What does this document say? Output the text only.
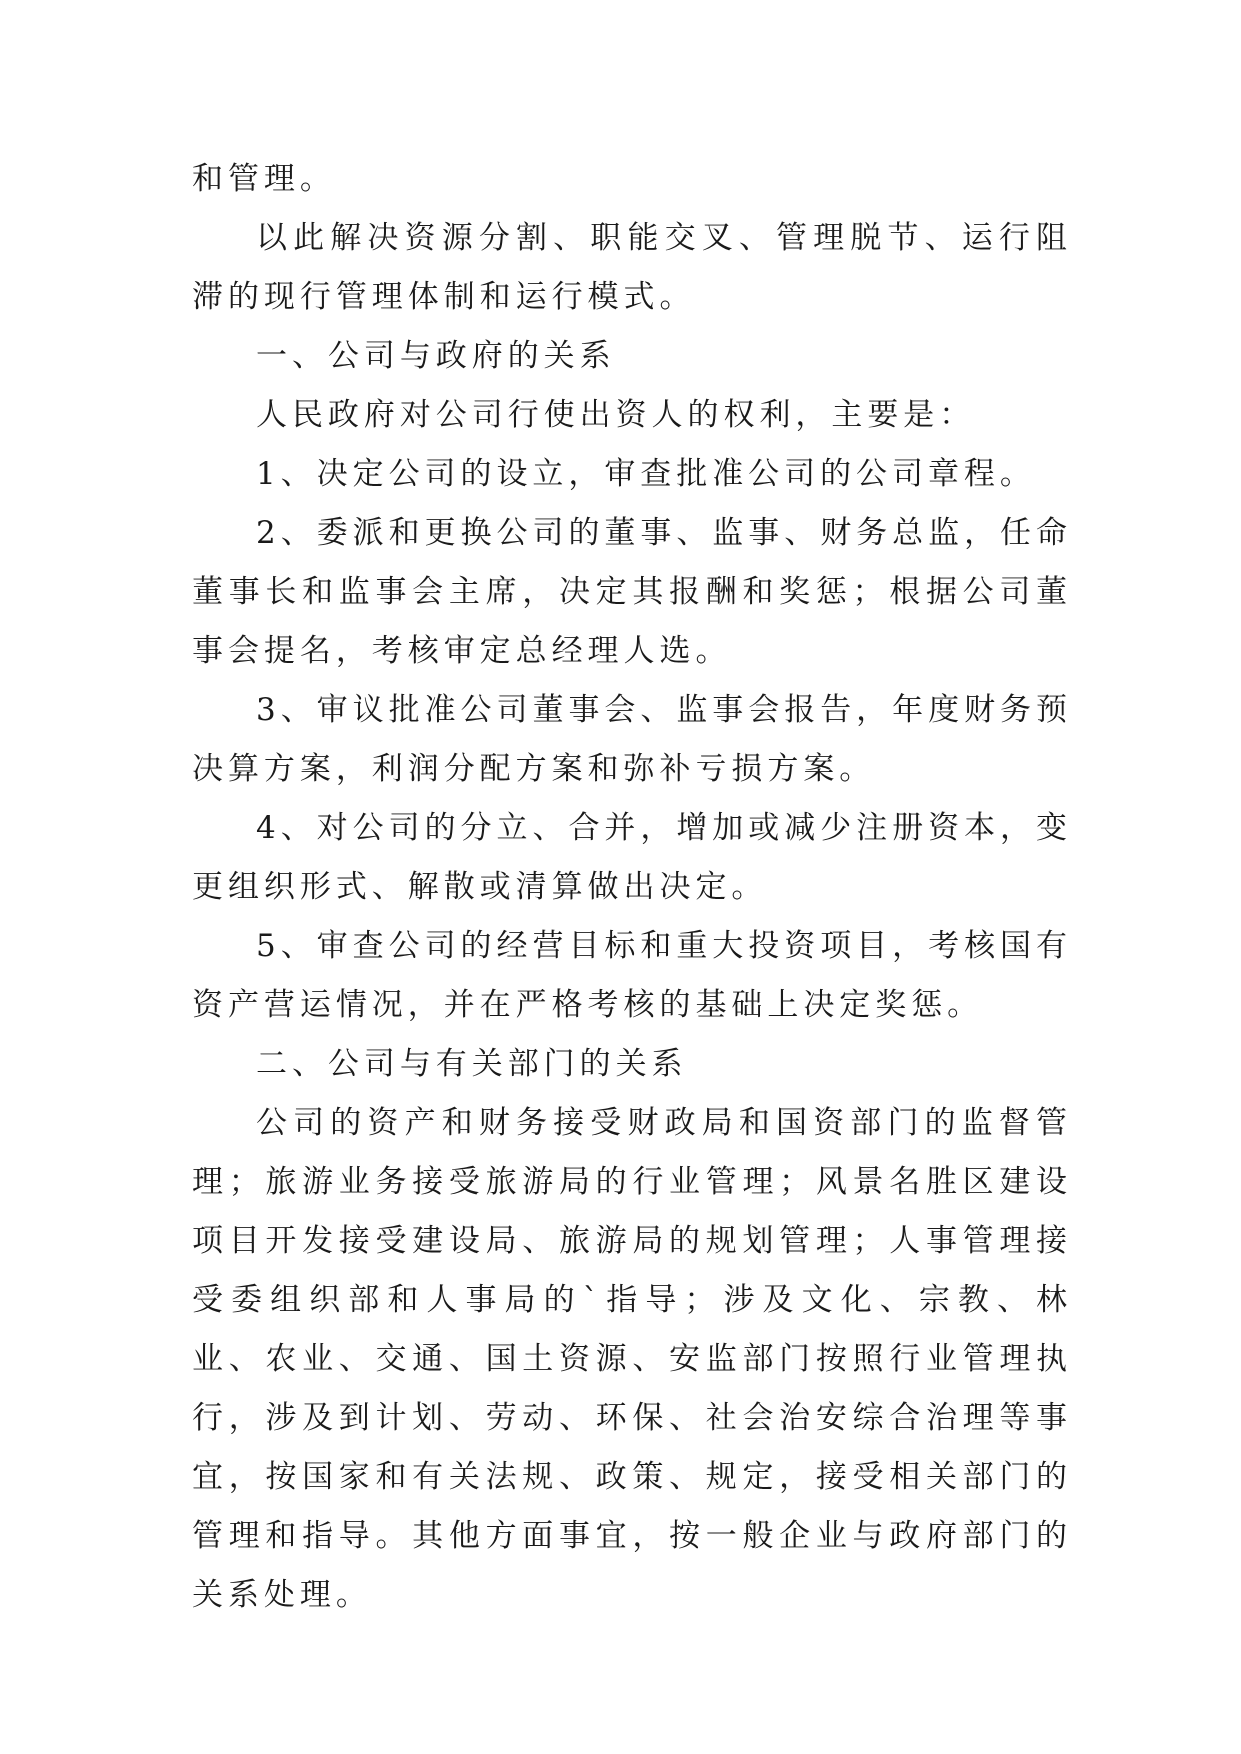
和管理。

以此解决资源分割、职能交叉、管理脱节、运行阻滞的现行管理体制和运行模式。

一、公司与政府的关系

人民政府对公司行使出资人的权利，主要是：

1、决定公司的设立，审查批准公司的公司章程。

2、委派和更换公司的董事、监事、财务总监，任命董事长和监事会主席，决定其报酬和奖惩；根据公司董事会提名，考核审定总经理人选。

3、审议批准公司董事会、监事会报告，年度财务预决算方案，利润分配方案和弥补亏损方案。

4、对公司的分立、合并，增加或减少注册资本，变更组织形式、解散或清算做出决定。

5、审查公司的经营目标和重大投资项目，考核国有资产营运情况，并在严格考核的基础上决定奖惩。

二、公司与有关部门的关系

公司的资产和财务接受财政局和国资部门的监督管理；旅游业务接受旅游局的行业管理；风景名胜区建设项目开发接受建设局、旅游局的规划管理；人事管理接受委组织部和人事局的`指导；涉及文化、宗教、林业、农业、交通、国土资源、安监部门按照行业管理执行，涉及到计划、劳动、环保、社会治安综合治理等事宜，按国家和有关法规、政策、规定，接受相关部门的管理和指导。其他方面事宜，按一般企业与政府部门的关系处理。
